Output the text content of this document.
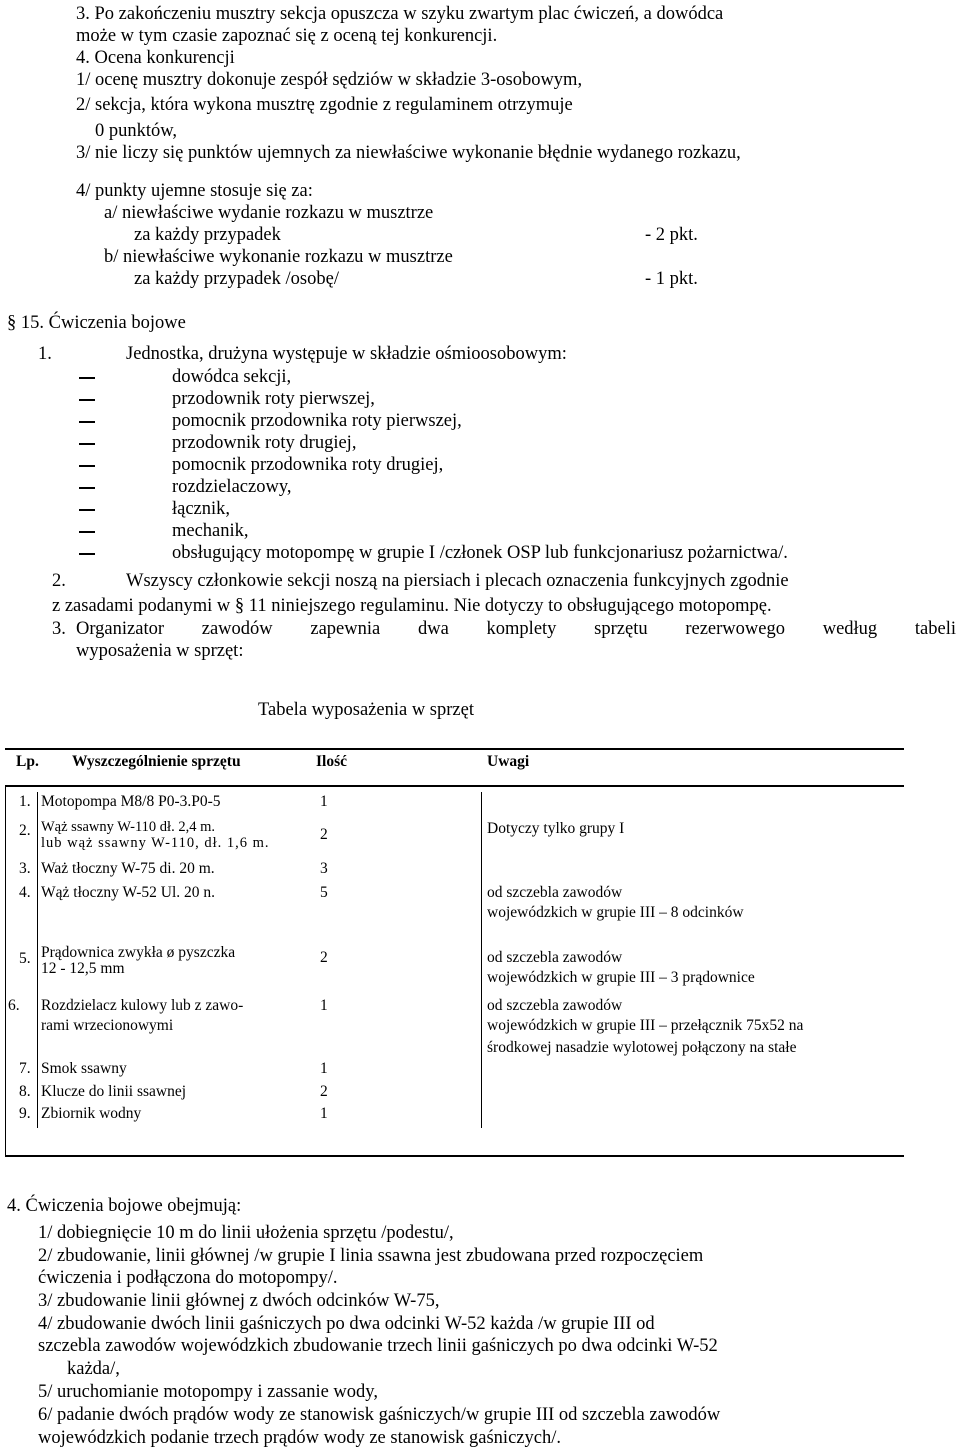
3. Po zakończeniu musztry sekcja opuszcza w szyku zwartym plac ćwiczeń, a dowódca
może w tym czasie zapoznać się z oceną tej konkurencji.
4. Ocena konkurencji
1/ ocenę musztry dokonuje zespół sędziów w składzie 3-osobowym,
2/ sekcja, która wykona musztrę zgodnie z regulaminem otrzymuje
0 punktów,
3/ nie liczy się punktów ujemnych za niewłaściwe wykonanie błędnie wydanego rozkazu,
4/ punkty ujemne stosuje się za:
a/ niewłaściwe wydanie rozkazu w musztrze
za każdy przypadek	- 2 pkt.
b/ niewłaściwe wykonanie rozkazu w musztrze
za każdy przypadek /osobę/	- 1 pkt.
§ 15. Ćwiczenia bojowe
1.	Jednostka, drużyna występuje w składzie ośmioosobowym:
dowódca sekcji,
przodownik roty pierwszej,
pomocnik przodownika roty pierwszej,
przodownik roty drugiej,
pomocnik przodownika roty drugiej,
rozdzielaczowy,
łącznik,
mechanik,
obsługujący motopompę w grupie I /członek OSP lub funkcjonariusz pożarnictwa/.
2.	Wszyscy członkowie sekcji noszą na piersiach i plecach oznaczenia funkcyjnych zgodnie
z zasadami podanymi w § 11 niniejszego regulaminu. Nie dotyczy to obsługującego motopompę.
3. Organizator zawodów zapewnia dwa komplety sprzętu rezerwowego według tabeli
wyposażenia w sprzęt:
Tabela wyposażenia w sprzęt
Lp. Wyszczególnienie sprzętu	Ilość	Uwagi
1. Motopompa M8/8 P0-3.P0-5	1
2. Wąż ssawny W-110 dł. 2,4 m.
lub wąż ssawny W-110, dł. 1,6 m.	2	Dotyczy tylko grupy I
3. Waż tłoczny W-75 di. 20 m.	3
4. Wąż tłoczny W-52 Ul. 20 n.	5	od szczebla zawodów
wojewódzkich w grupie III – 8 odcinków
5. Prądownica zwykła ø pyszczka
12 - 12,5 mm
2	od szczebla zawodów
wojewódzkich w grupie III – 3 prądownice
6. Rozdzielacz kulowy lub z zawo-
rami wrzecionowymi
1	od szczebla zawodów
wojewódzkich w grupie III – przełącznik 75x52 na
środkowej nasadzie wylotowej połączony na stałe
7. Smok ssawny	1
8. Klucze do linii ssawnej	2
9. Zbiornik wodny	1
4. Ćwiczenia bojowe obejmują:
1/ dobiegnięcie 10 m do linii ułożenia sprzętu /podestu/,
2/ zbudowanie, linii głównej /w grupie I linia ssawna jest zbudowana przed rozpoczęciem
ćwiczenia i podłączona do motopompy/.
3/ zbudowanie linii głównej z dwóch odcinków W-75,
4/ zbudowanie dwóch linii gaśniczych po dwa odcinki W-52 każda /w grupie III od
szczebla zawodów wojewódzkich zbudowanie trzech linii gaśniczych po dwa odcinki W-52
każda/,
5/ uruchomianie motopompy i zassanie wody,
6/ padanie dwóch prądów wody ze stanowisk gaśniczych/w grupie III od szczebla zawodów
wojewódzkich podanie trzech prądów wody ze stanowisk gaśniczych/.
